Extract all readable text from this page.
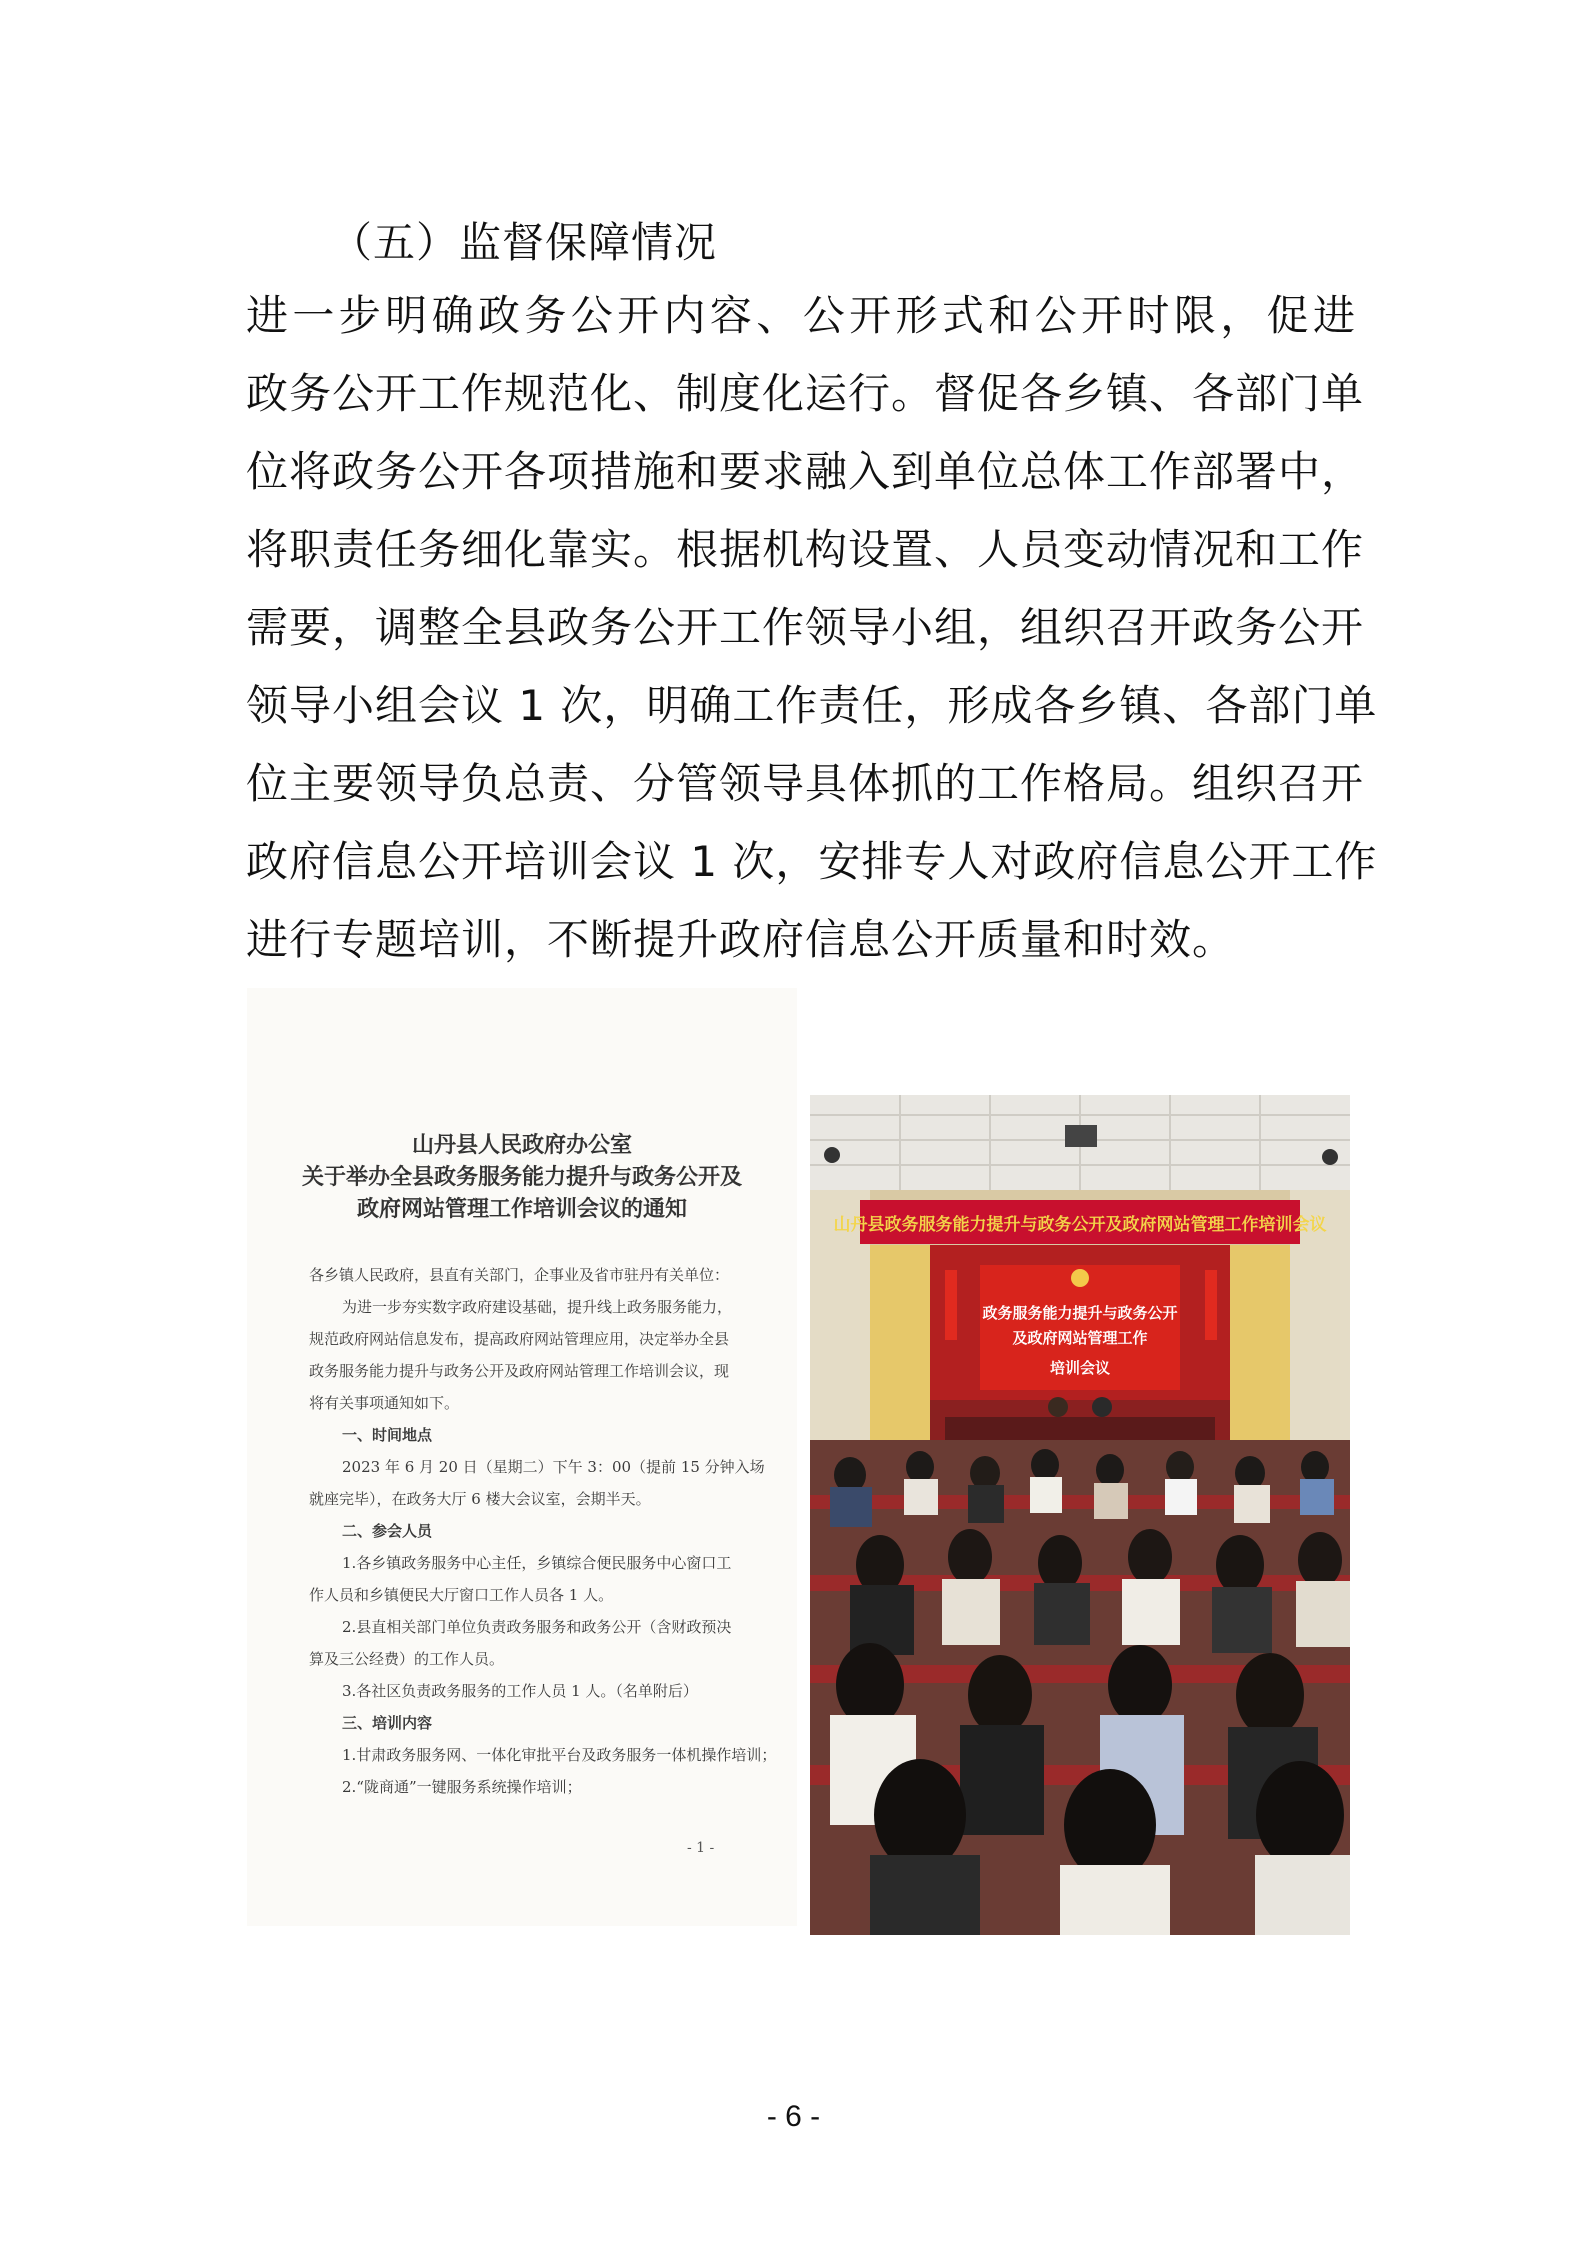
（五）监督保障情况
进一步明确政务公开内容、公开形式和公开时限，促进
政务公开工作规范化、制度化运行。督促各乡镇、各部门单
位将政务公开各项措施和要求融入到单位总体工作部署中，
将职责任务细化靠实。根据机构设置、人员变动情况和工作
需要，调整全县政务公开工作领导小组，组织召开政务公开
领导小组会议 1 次，明确工作责任，形成各乡镇、各部门单
位主要领导负总责、分管领导具体抓的工作格局。组织召开
政府信息公开培训会议 1 次，安排专人对政府信息公开工作
进行专题培训，不断提升政府信息公开质量和时效。
山丹县人民政府办公室
关于举办全县政务服务能力提升与政务公开及
政府网站管理工作培训会议的通知
各乡镇人民政府，县直有关部门，企事业及省市驻丹有关单位：
为进一步夯实数字政府建设基础，提升线上政务服务能力，
规范政府网站信息发布，提高政府网站管理应用，决定举办全县
政务服务能力提升与政务公开及政府网站管理工作培训会议，现
将有关事项通知如下。
一、时间地点
2023 年 6 月 20 日（星期二）下午 3：00（提前 15 分钟入场
就座完毕），在政务大厅 6 楼大会议室，会期半天。
二、参会人员
1.各乡镇政务服务中心主任，乡镇综合便民服务中心窗口工
作人员和乡镇便民大厅窗口工作人员各 1 人。
2.县直相关部门单位负责政务服务和政务公开（含财政预决
算及三公经费）的工作人员。
3.各社区负责政务服务的工作人员 1 人。（名单附后）
三、培训内容
1.甘肃政务服务网、一体化审批平台及政务服务一体机操作培训；
2.“陇商通”一键服务系统操作培训；
- 1 -
山丹县政务服务能力提升与政务公开及政府网站管理工作培训会议
政务服务能力提升与政务公开
及政府网站管理工作
培训会议
- 6 -
